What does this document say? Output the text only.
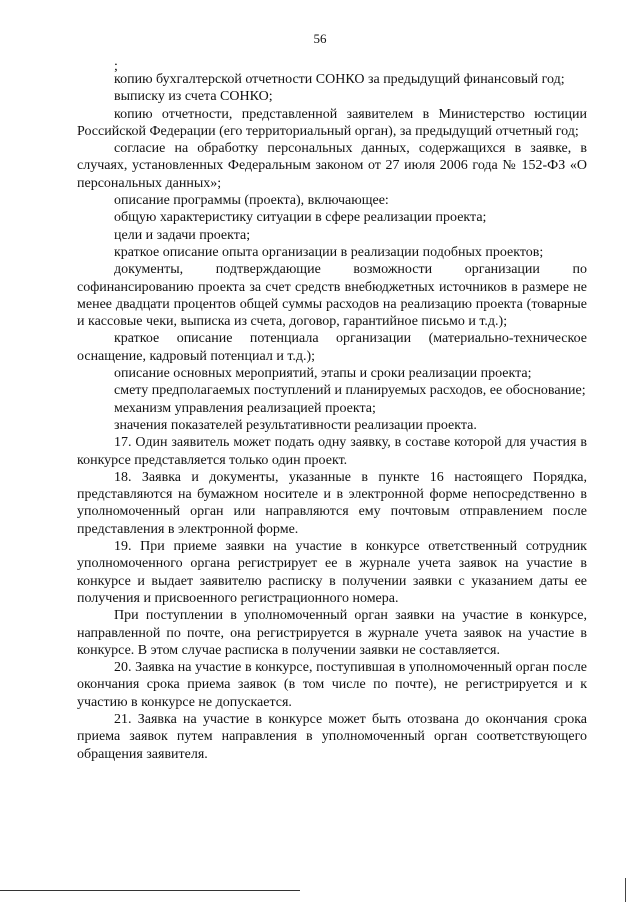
56

;

копию бухгалтерской отчетности СОНКО за предыдущий финансовый год;

выписку из счета СОНКО;

копию отчетности, представленной заявителем в Министерство юстиции Российской Федерации (его территориальный орган), за предыдущий отчетный год;

согласие на обработку персональных данных, содержащихся в заявке, в случаях, установленных Федеральным законом от 27 июля 2006 года № 152-ФЗ «О персональных данных»;

описание программы (проекта), включающее:

общую характеристику ситуации в сфере реализации проекта;

цели и задачи проекта;

краткое описание опыта организации в реализации подобных проектов;

документы, подтверждающие возможности организации по софинансированию проекта за счет средств внебюджетных источников в размере не менее двадцати процентов общей суммы расходов на реализацию проекта (товарные и кассовые чеки, выписка из счета, договор, гарантийное письмо и т.д.);

краткое описание потенциала организации (материально-техническое оснащение, кадровый потенциал и т.д.);

описание основных мероприятий, этапы и сроки реализации проекта;

смету предполагаемых поступлений и планируемых расходов, ее обоснование;

механизм управления реализацией проекта;

значения показателей результативности реализации проекта.

17. Один заявитель может подать одну заявку, в составе которой для участия в конкурсе представляется только один проект.

18. Заявка и документы, указанные в пункте 16 настоящего Порядка, представляются на бумажном носителе и в электронной форме непосредственно в уполномоченный орган или направляются ему почтовым отправлением после представления в электронной форме.

19. При приеме заявки на участие в конкурсе ответственный сотрудник уполномоченного органа регистрирует ее в журнале учета заявок на участие в конкурсе и выдает заявителю расписку в получении заявки с указанием даты ее получения и присвоенного регистрационного номера.

При поступлении в уполномоченный орган заявки на участие в конкурсе, направленной по почте, она регистрируется в журнале учета заявок на участие в конкурсе. В этом случае расписка в получении заявки не составляется.

20. Заявка на участие в конкурсе, поступившая в уполномоченный орган после окончания срока приема заявок (в том числе по почте), не регистрируется и к участию в конкурсе не допускается.

21. Заявка на участие в конкурсе может быть отозвана до окончания срока приема заявок путем направления в уполномоченный орган соответствующего обращения заявителя.
